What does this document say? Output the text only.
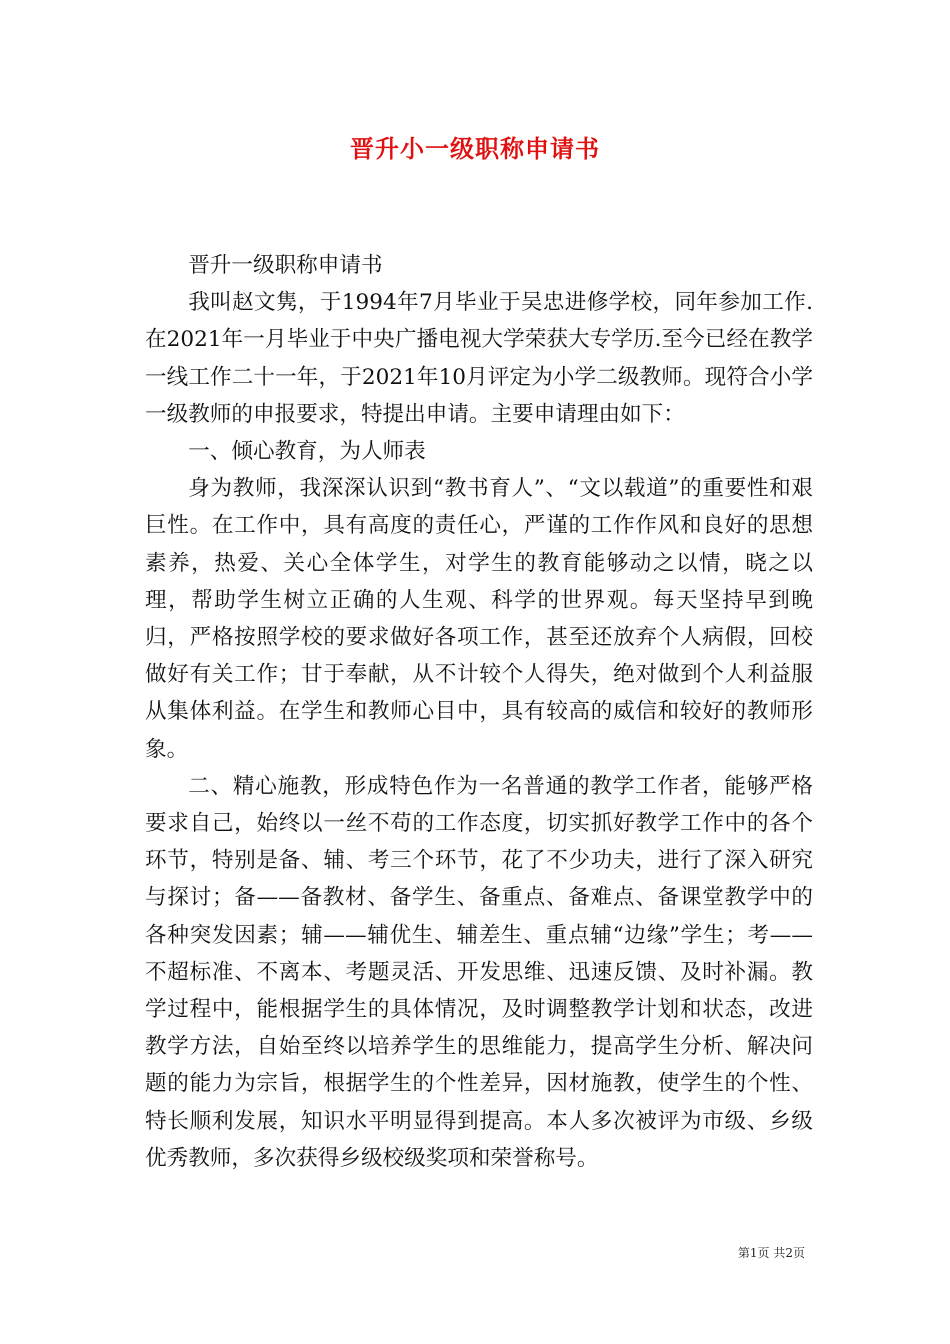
晋升小一级职称申请书

晋升一级职称申请书

我叫赵文隽，于1994年7月毕业于吴忠进修学校，同年参加工作.在2021年一月毕业于中央广播电视大学荣获大专学历.至今已经在教学一线工作二十一年，于2021年10月评定为小学二级教师。现符合小学一级教师的申报要求，特提出申请。主要申请理由如下：

一、倾心教育，为人师表

身为教师，我深深认识到“教书育人”、“文以载道”的重要性和艰巨性。在工作中，具有高度的责任心，严谨的工作作风和良好的思想素养，热爱、关心全体学生，对学生的教育能够动之以情，晓之以理，帮助学生树立正确的人生观、科学的世界观。每天坚持早到晚归，严格按照学校的要求做好各项工作，甚至还放弃个人病假，回校做好有关工作；甘于奉献，从不计较个人得失，绝对做到个人利益服从集体利益。在学生和教师心目中，具有较高的威信和较好的教师形象。

二、精心施教，形成特色作为一名普通的教学工作者，能够严格要求自己，始终以一丝不苟的工作态度，切实抓好教学工作中的各个环节，特别是备、辅、考三个环节，花了不少功夫，进行了深入研究与探讨；备——备教材、备学生、备重点、备难点、备课堂教学中的各种突发因素；辅——辅优生、辅差生、重点辅“边缘”学生；考——不超标准、不离本、考题灵活、开发思维、迅速反馈、及时补漏。教学过程中，能根据学生的具体情况，及时调整教学计划和状态，改进教学方法，自始至终以培养学生的思维能力，提高学生分析、解决问题的能力为宗旨，根据学生的个性差异，因材施教，使学生的个性、特长顺利发展，知识水平明显得到提高。本人多次被评为市级、乡级优秀教师，多次获得乡级校级奖项和荣誉称号。

第1页 共2页
